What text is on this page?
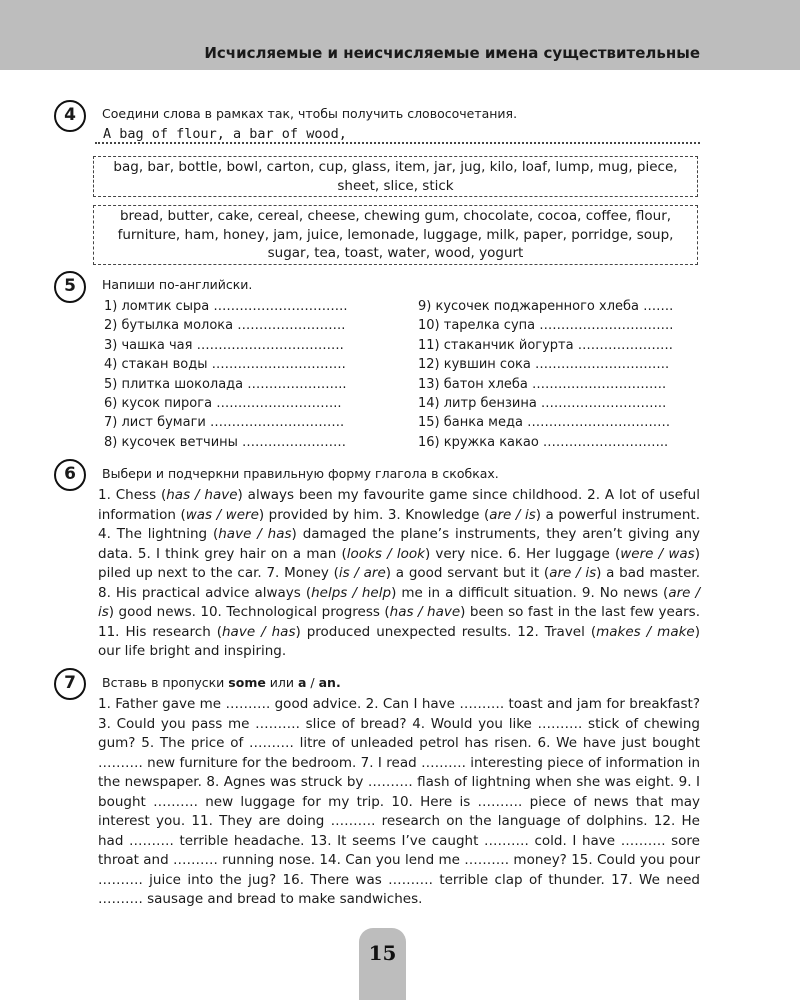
Исчисляемые и неисчисляемые имена существительные
4	Соедини слова в рамках так, чтобы получить словосочетания.
A bag of flour, a bar of wood,
bag, bar, bottle, bowl, carton, cup, glass, item, jar, jug, kilo, loaf, lump, mug, piece, sheet, slice, stick
bread, butter, cake, cereal, cheese, chewing gum, chocolate, cocoa, coffee, flour, furniture, ham, honey, jam, juice, lemonade, luggage, milk, paper, porridge, soup, sugar, tea, toast, water, wood, yogurt
5	Напиши по-английски.
1) ломтик сыра ………………………….
2) бутылка молока …………………….
3) чашка чая …………………………….
4) стакан воды ………………………….
5) плитка шоколада …………………..
6) кусок пирога ………………………..
7) лист бумаги ………………………….
8) кусочек ветчины ……………………
9) кусочек поджаренного хлеба …….
10) тарелка супа ………………………….
11) стаканчик йогурта ………………….
12) кувшин сока ………………………….
13) батон хлеба ………………………….
14) литр бензина ………………………..
15) банка меда ……………………………
16) кружка какао ………………………..
6	Выбери и подчеркни правильную форму глагола в скобках.
1. Chess (has / have) always been my favourite game since childhood. 2. A lot of useful information (was / were) provided by him. 3. Knowledge (are / is) a powerful instrument. 4. The lightning (have / has) damaged the plane’s instruments, they aren’t giving any data. 5. I think grey hair on a man (looks / look) very nice. 6. Her luggage (were / was) piled up next to the car. 7. Money (is / are) a good servant but it (are / is) a bad master. 8. His practical advice always (helps / help) me in a difficult situation. 9. No news (are / is) good news. 10. Technological progress (has / have) been so fast in the last few years. 11. His research (have / has) produced unexpected results. 12. Travel (makes / make) our life bright and inspiring.
7	Вставь в пропуски some или a / an.
1. Father gave me ………. good advice. 2. Can I have ………. toast and jam for breakfast? 3. Could you pass me ………. slice of bread? 4. Would you like ………. stick of chewing gum? 5. The price of ………. litre of unleaded petrol has risen. 6. We have just bought ………. new furniture for the bedroom. 7. I read ………. interesting piece of information in the newspaper. 8. Agnes was struck by ………. flash of lightning when she was eight. 9. I bought ………. new luggage for my trip. 10. Here is ………. piece of news that may interest you. 11. They are doing ………. research on the language of dolphins. 12. He had ………. terrible headache. 13. It seems I’ve caught ………. cold. I have ………. sore throat and ………. running nose. 14. Can you lend me ………. money? 15. Could you pour ………. juice into the jug? 16. There was ………. terrible clap of thunder. 17. We need ………. sausage and bread to make sandwiches.
15
